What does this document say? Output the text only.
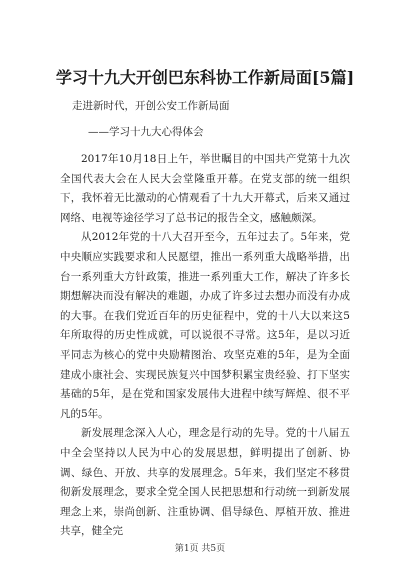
学习十九大开创巴东科协工作新局面[5篇]
走进新时代，开创公安工作新局面
——学习十九大心得体会

2017年10月18日上午，举世瞩目的中国共产党第十九次全国代表大会在人民大会堂隆重开幕。在党支部的统一组织下，我怀着无比激动的心情观看了十九大开幕式，后来又通过网络、电视等途径学习了总书记的报告全文，感触颇深。

从2012年党的十八大召开至今，五年过去了。5年来，党中央顺应实践要求和人民愿望，推出一系列重大战略举措，出台一系列重大方针政策，推进一系列重大工作，解决了许多长期想解决而没有解决的难题，办成了许多过去想办而没有办成的大事。在我们党近百年的历史征程中，党的十八大以来这5年所取得的历史性成就，可以说很不寻常。这5年，是以习近平同志为核心的党中央励精图治、攻坚克难的5年，是为全面建成小康社会、实现民族复兴中国梦积累宝贵经验、打下坚实基础的5年，是在党和国家发展伟大进程中续写辉煌、很不平凡的5年。

新发展理念深入人心，理念是行动的先导。党的十八届五中全会坚持以人民为中心的发展思想，鲜明提出了创新、协调、绿色、开放、共享的发展理念。5年来，我们坚定不移贯彻新发展理念，要求全党全国人民把思想和行动统一到新发展理念上来，崇尚创新、注重协调、倡导绿色、厚植开放、推进共享，健全完

第1页 共5页
